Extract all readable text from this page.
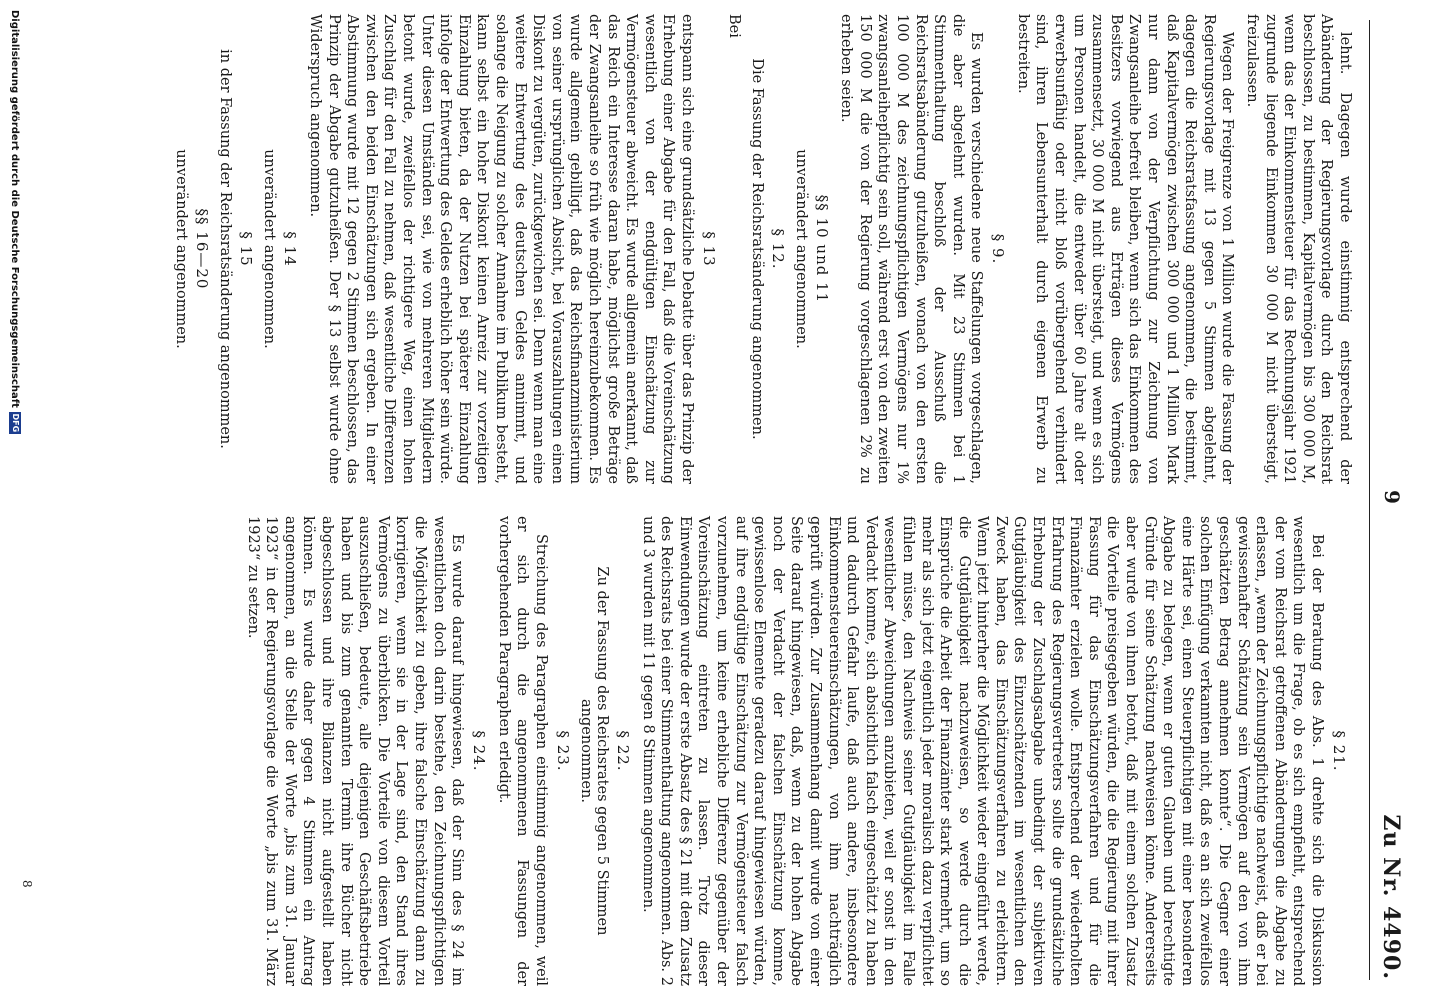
9
Zu Nr. 4490.

lehnt. Dagegen wurde einstimmig entsprechend der Abänderung der Regierungsvorlage durch den Reichsrat beschlossen, zu bestimmen, Kapitalvermögen bis 300 000 M, wenn das der Einkommensteuer für das Rechnungsjahr 1921 zugrunde liegende Einkommen 30 000 M nicht übersteigt, freizulassen.

Wegen der Freigrenze von 1 Million wurde die Fassung der Regierungsvorlage mit 13 gegen 5 Stimmen abgelehnt, dagegen die Reichsratsfassung angenommen, die bestimmt, daß Kapitalvermögen zwischen 300 000 und 1 Million Mark nur dann von der Verpflichtung zur Zeichnung von Zwangsanleihe befreit bleiben, wenn sich das Einkommen des Besitzers vorwiegend aus Erträgen dieses Vermögens zusammensetzt, 30 000 M nicht übersteigt, und wenn es sich um Personen handelt, die entweder über 60 Jahre alt oder erwerbsunfähig oder nicht bloß vorübergehend verhindert sind, ihren Lebensunterhalt durch eigenen Erwerb zu bestreiten.

§ 9.

Es wurden verschiedene neue Staffelungen vorgeschlagen, die aber abgelehnt wurden. Mit 23 Stimmen bei 1 Stimmenthaltung beschloß der Ausschuß die Reichsratsabänderung gutzuheißen, wonach von den ersten 100 000 M des zeichnungspflichtigen Vermögens nur 1% zwangsanleihepflichtig sein soll, während erst von den zweiten 150 000 M die von der Regierung vorgeschlagenen 2% zu erheben seien.

§§ 10 und 11
unverändert angenommen.
§ 12.
Die Fassung der Reichsratsänderung angenommen.

Bei

§ 13

entspann sich eine grundsätzliche Debatte über das Prinzip der Erhebung einer Abgabe für den Fall, daß die Voreinschätzung wesentlich von der endgültigen Einschätzung zur Vermögensteuer abweicht. Es wurde allgemein anerkannt, daß das Reich ein Interesse daran habe, möglichst große Beträge der Zwangsanleihe so früh wie möglich hereinzubekommen. Es wurde allgemein gebilligt, daß das Reichsfinanzministerium von seiner ursprünglichen Absicht, bei Vorauszahlungen einen Diskont zu vergüten, zurückgewichen sei. Denn wenn man eine weitere Entwertung des deutschen Geldes annimmt, und solange die Neigung zu solcher Annahme im Publikum besteht, kann selbst ein hoher Diskont keinen Anreiz zur vorzeitigen Einzahlung bieten, da der Nutzen bei späterer Einzahlung infolge der Entwertung des Geldes erheblich höher sein würde. Unter diesen Umständen sei, wie von mehreren Mitgliedern betont wurde, zweifellos der richtigere Weg, einen hohen Zuschlag für den Fall zu nehmen, daß wesentliche Differenzen zwischen den beiden Einschätzungen sich ergeben. In einer Abstimmung wurde mit 12 gegen 2 Stimmen beschlossen, das Prinzip der Abgabe gutzuheißen. Der § 13 selbst wurde ohne Widerspruch angenommen.

§ 14
unverändert angenommen.
§ 15
in der Fassung der Reichsratsänderung angenommen.
§§ 16—20
unverändert angenommen.
§ 21.

Bei der Beratung des Abs. 1 drehte sich die Diskussion wesentlich um die Frage, ob es sich empfiehlt, entsprechend der vom Reichsrat getroffenen Abänderungen die Abgabe zu erlassen, „wenn der Zeichnungspflichtige nachweist, daß er bei gewissenhafter Schätzung sein Vermögen auf den von ihm geschätzten Betrag annehmen konnte“. Die Gegner einer solchen Einfügung verkannten nicht, daß es an sich zweifellos eine Härte sei, einen Steuerpflichtigen mit einer besonderen Abgabe zu belegen, wenn er guten Glauben und berechtigte Gründe für seine Schätzung nachweisen könne. Andererseits aber wurde von ihnen betont, daß mit einem solchen Zusatz die Vorteile preisgegeben würden, die die Regierung mit ihrer Fassung für das Einschätzungsverfahren und für die Finanzämter erzielen wolle. Entsprechend der wiederholten Erfahrung des Regierungsvertreters sollte die grundsätzliche Erhebung der Zuschlagsabgabe unbedingt der subjektiven Gutgläubigkeit des Einzuschätzenden im wesentlichen den Zweck haben, das Einschätzungsverfahren zu erleichtern. Wenn jetzt hinterher die Möglichkeit wieder eingeführt werde, die Gutgläubigkeit nachzuweisen, so werde durch die Einsprüche die Arbeit der Finanzämter stark vermehrt, um so mehr als sich jetzt eigentlich jeder moralisch dazu verpflichtet fühlen müsse, den Nachweis seiner Gutgläubigkeit im Falle wesentlicher Abweichungen anzubieten, weil er sonst in den Verdacht komme, sich absichtlich falsch eingeschätzt zu haben und dadurch Gefahr laufe, daß auch andere, insbesondere Einkommensteuereinschätzungen, von ihm nachträglich geprüft würden. Zur Zusammenhang damit wurde von einer Seite darauf hingewiesen, daß, wenn zu der hohen Abgabe noch der Verdacht der falschen Einschätzung komme, gewissenlose Elemente geradezu darauf hingewiesen würden, auf ihre endgültige Einschätzung zur Vermögensteuer falsch vorzunehmen, um keine erhebliche Differenz gegenüber der Voreinschätzung eintreten zu lassen. Trotz dieser Einwendungen wurde der erste Absatz des § 21 mit dem Zusatz des Reichsrats bei einer Stimmenthaltung angenommen. Abs. 2 und 3 wurden mit 11 gegen 8 Stimmen angenommen.

§ 22.
Zu der Fassung des Reichsrates gegen 5 Stimmen angenommen.
§ 23.

Streichung des Paragraphen einstimmig angenommen, weil er sich durch die angenommenen Fassungen der vorhergehenden Paragraphen erledigt.

§ 24.

Es wurde darauf hingewiesen, daß der Sinn des § 24 im wesentlichen doch darin bestehe, den Zeichnungspflichtigen die Möglichkeit zu geben, ihre falsche Einschätzung dann zu korrigieren, wenn sie in der Lage sind, den Stand ihres Vermögens zu überblicken. Die Vorteile von diesem Vorteil auszuschließen, bedeute, alle diejenigen Geschäftsbetriebe haben und bis zum genannten Termin ihre Bücher nicht abgeschlossen und ihre Bilanzen nicht aufgestellt haben können. Es wurde daher gegen 4 Stimmen ein Antrag angenommen, an die Stelle der Worte „bis zum 31. Januar 1923“ in der Regierungsvorlage die Worte „bis zum 31. März 1923“ zu setzen.

8
Digitalisierung gefördert durch die Deutsche Forschungsgemeinschaft
DFG
